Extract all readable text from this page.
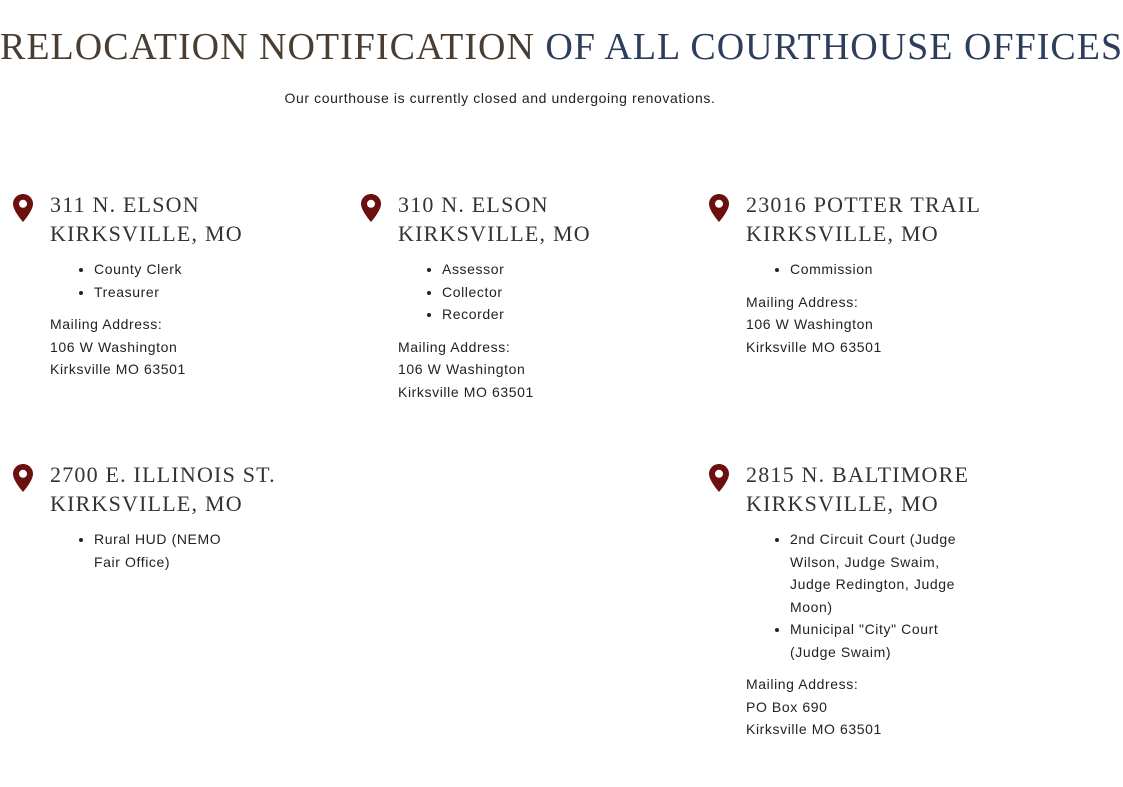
RELOCATION NOTIFICATION OF ALL COURTHOUSE OFFICES

Our courthouse is currently closed and undergoing renovations.

311 N. ELSON
KIRKSVILLE, MO
• County Clerk
• Treasurer
Mailing Address:
106 W Washington
Kirksville MO 63501
310 N. ELSON
KIRKSVILLE, MO
• Assessor
• Collector
• Recorder
Mailing Address:
106 W Washington
Kirksville MO 63501
23016 POTTER TRAIL
KIRKSVILLE, MO
• Commission
Mailing Address:
106 W Washington
Kirksville MO 63501
2700 E. ILLINOIS ST.
KIRKSVILLE, MO
• Rural HUD (NEMO Fair Office)
2815 N. BALTIMORE
KIRKSVILLE, MO
• 2nd Circuit Court (Judge Wilson, Judge Swaim, Judge Redington, Judge Moon)
• Municipal "City" Court (Judge Swaim)
Mailing Address:
PO Box 690
Kirksville MO 63501
